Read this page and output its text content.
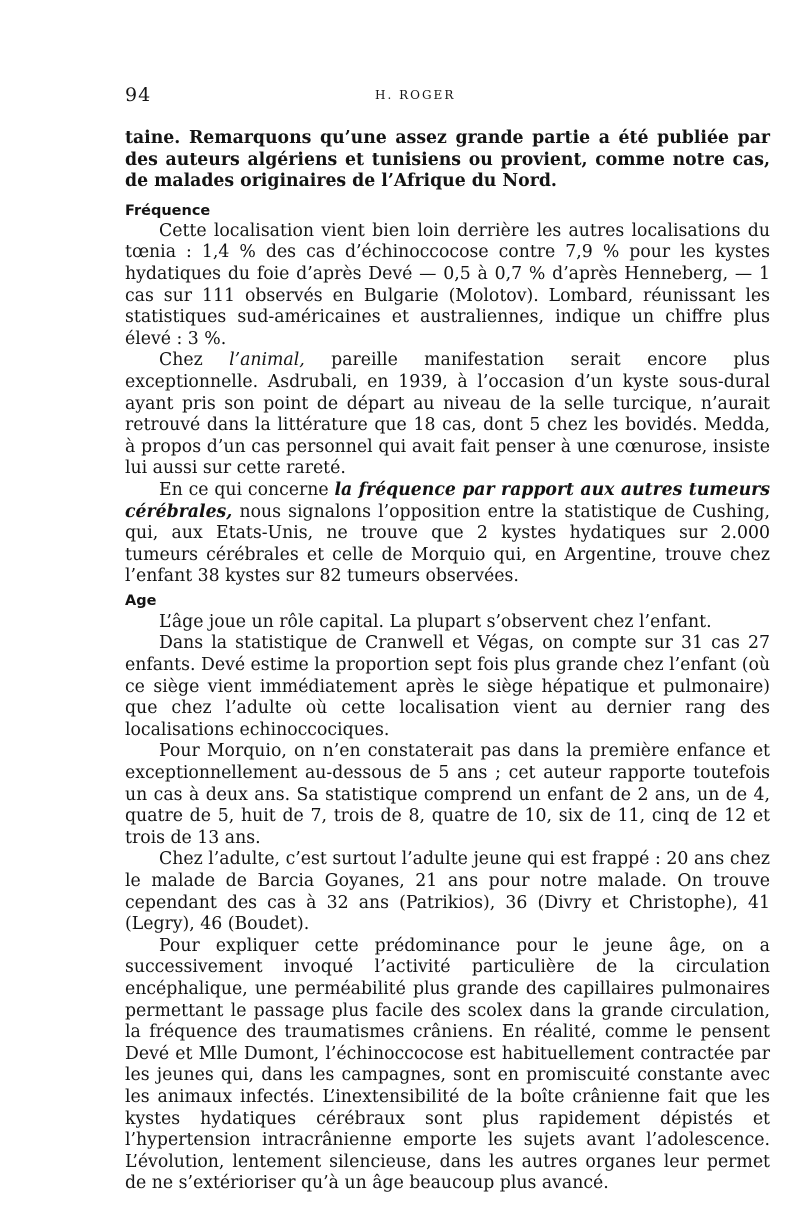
94	H. ROGER

taine. Remarquons qu’une assez grande partie a été publiée par des auteurs algériens et tunisiens ou provient, comme notre cas, de malades originaires de l’Afrique du Nord.

Fréquence

Cette localisation vient bien loin derrière les autres localisations du tœnia : 1,4 % des cas d’échinoccocose contre 7,9 % pour les kystes hydatiques du foie d’après Devé — 0,5 à 0,7 % d’après Henneberg, — 1 cas sur 111 observés en Bulgarie (Molotov). Lombard, réunissant les statistiques sud-américaines et australiennes, indique un chiffre plus élevé : 3 %.

Chez l’animal, pareille manifestation serait encore plus exceptionnelle. Asdrubali, en 1939, à l’occasion d’un kyste sous-dural ayant pris son point de départ au niveau de la selle turcique, n’aurait retrouvé dans la littérature que 18 cas, dont 5 chez les bovidés. Medda, à propos d’un cas personnel qui avait fait penser à une cœnurose, insiste lui aussi sur cette rareté.

En ce qui concerne la fréquence par rapport aux autres tumeurs cérébrales, nous signalons l’opposition entre la statistique de Cushing, qui, aux Etats-Unis, ne trouve que 2 kystes hydatiques sur 2.000 tumeurs cérébrales et celle de Morquio qui, en Argentine, trouve chez l’enfant 38 kystes sur 82 tumeurs observées.

Age

L’âge joue un rôle capital. La plupart s’observent chez l’enfant.

Dans la statistique de Cranwell et Végas, on compte sur 31 cas 27 enfants. Devé estime la proportion sept fois plus grande chez l’enfant (où ce siège vient immédiatement après le siège hépatique et pulmonaire) que chez l’adulte où cette localisation vient au dernier rang des localisations echinoccociques.

Pour Morquio, on n’en constaterait pas dans la première enfance et exceptionnellement au-dessous de 5 ans ; cet auteur rapporte toutefois un cas à deux ans. Sa statistique comprend un enfant de 2 ans, un de 4, quatre de 5, huit de 7, trois de 8, quatre de 10, six de 11, cinq de 12 et trois de 13 ans.

Chez l’adulte, c’est surtout l’adulte jeune qui est frappé : 20 ans chez le malade de Barcia Goyanes, 21 ans pour notre malade. On trouve cependant des cas à 32 ans (Patrikios), 36 (Divry et Christophe), 41 (Legry), 46 (Boudet).

Pour expliquer cette prédominance pour le jeune âge, on a successivement invoqué l’activité particulière de la circulation encéphalique, une perméabilité plus grande des capillaires pulmonaires permettant le passage plus facile des scolex dans la grande circulation, la fréquence des traumatismes crâniens. En réalité, comme le pensent Devé et Mlle Dumont, l’échinoccocose est habituellement contractée par les jeunes qui, dans les campagnes, sont en promiscuité constante avec les animaux infectés. L’inextensibilité de la boîte crânienne fait que les kystes hydatiques cérébraux sont plus rapidement dépistés et l’hypertension intracrânienne emporte les sujets avant l’adolescence. L’évolution, lentement silencieuse, dans les autres organes leur permet de ne s’extérioriser qu’à un âge beaucoup plus avancé.
